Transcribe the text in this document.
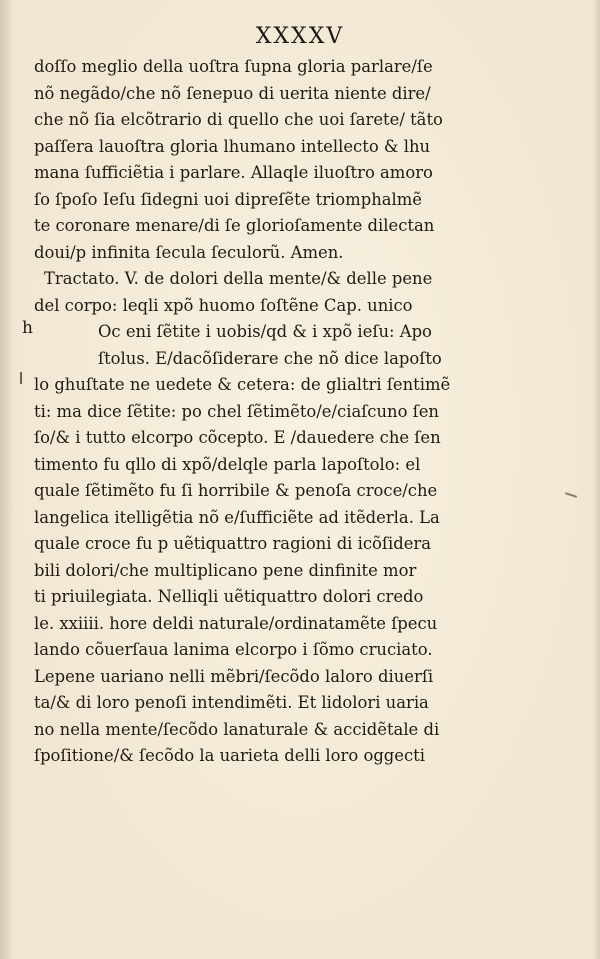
XXXXV
h
doſſo meglio della uoſtra ſupna gloria parlare/ſe
nõ negãdo/che nõ ſenepuo di uerita niente dire/
che nõ ſia elcõtrario di quello che uoi ſarete/ tãto
paſſera lauoſtra gloria lhumano intellecto & lhu
mana ſufficiẽtia i parlare. Allaqle iluoſtro amoro
ſo ſpoſo Ieſu ſidegni uoi dipreſẽte triomphalmẽ
te coronare menare/di ſe glorioſamente dilectan
doui/p infinita ſecula ſeculorũ. Amen.
Tractato. V. de dolori della mente/& delle pene
del corpo: leqli xpõ huomo ſoſtẽne Cap. unico
Oc eni ſẽtite i uobis/qd & i xpõ ieſu: Apo
ſtolus. E/dacõſiderare che nõ dice lapoſto
lo ghuſtate ne uedete & cetera: de glialtri ſentimẽ
ti: ma dice ſẽtite: po chel ſẽtimẽto/e/ciaſcuno ſen
ſo/& i tutto elcorpo cõcepto. E /dauedere che ſen
timento fu qllo di xpõ/delqle parla lapoſtolo: el
quale ſẽtimẽto fu ſi horribile & penoſa croce/che
langelica itelligẽtia nõ e/ſufficiẽte ad itẽderla. La
quale croce fu p uẽtiquattro ragioni di icõſidera
bili dolori/che multiplicano pene dinfinite mor
ti priuilegiata. Nelliqli uẽtiquattro dolori credo
le. xxiiii. hore deldi naturale/ordinatamẽte ſpecu
lando cõuerſaua lanima elcorpo i ſõmo cruciato.
Lepene uariano nelli mẽbri/ſecõdo laloro diuerſi
ta/& di loro penoſi intendimẽti. Et lidolori uaria
no nella mente/ſecõdo lanaturale & accidẽtale di
ſpoſitione/& ſecõdo la uarieta delli loro oggecti
